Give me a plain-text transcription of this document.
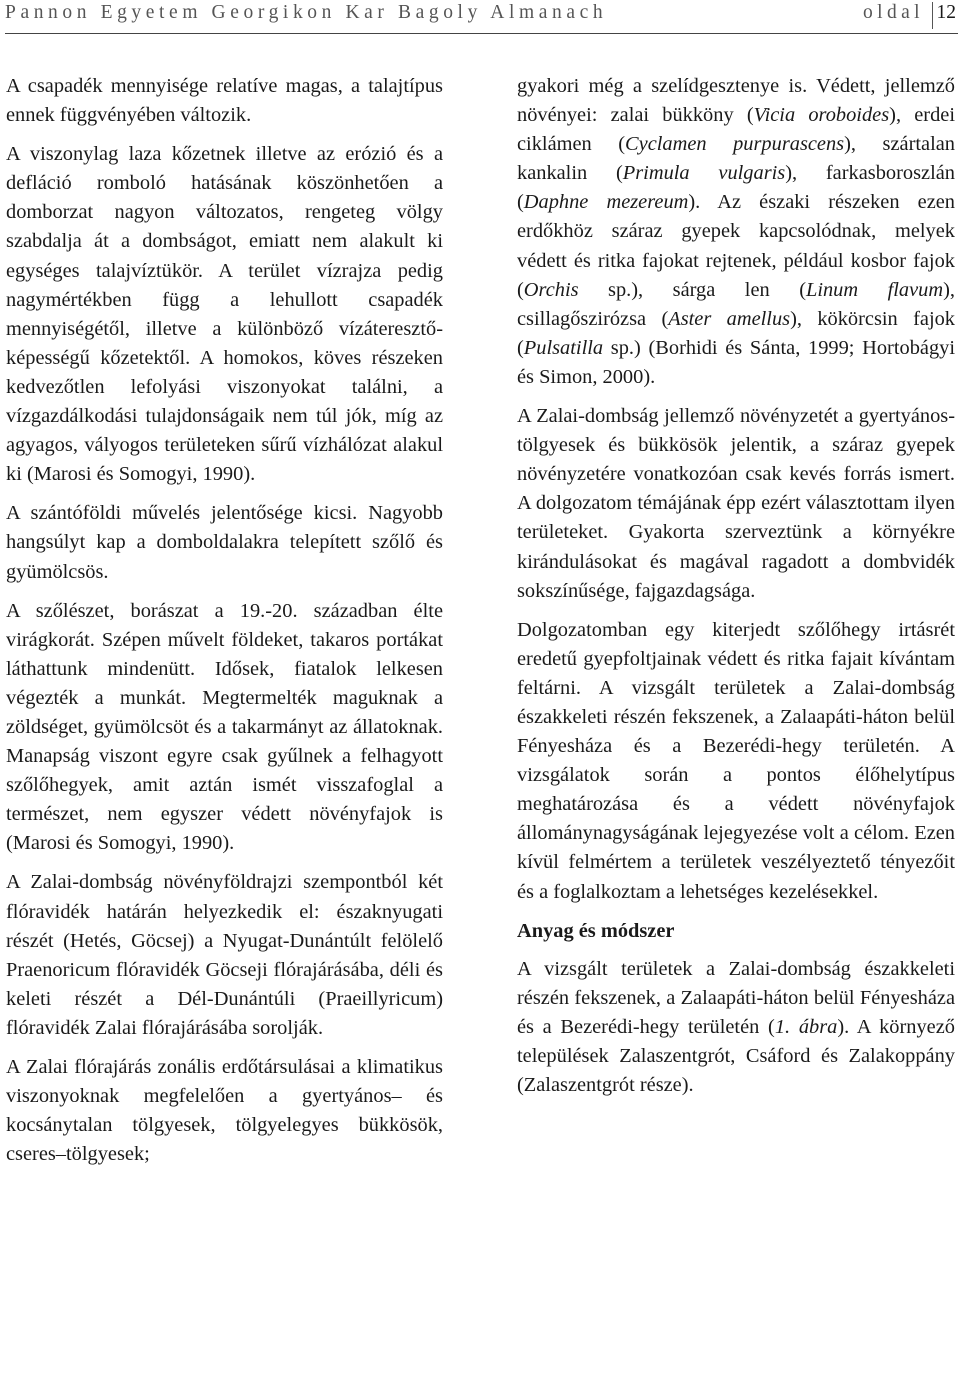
Pannon Egyetem Georgikon Kar Bagoly Almanach	oldal 12

A csapadék mennyisége relatíve magas, a talajtípus ennek függvényében változik.

A viszonylag laza kőzetnek illetve az erózió és a defláció romboló hatásának köszönhetően a domborzat nagyon változatos, rengeteg völgy szabdalja át a dombságot, emiatt nem alakult ki egységes talajvíztükör. A terület vízrajza pedig nagymértékben függ a lehullott csapadék mennyiségétől, illetve a különböző vízáteresztő-képességű kőzetektől. A homokos, köves részeken kedvezőtlen lefolyási viszonyokat találni, a vízgazdálkodási tulajdonságaik nem túl jók, míg az agyagos, vályogos területeken sűrű vízhálózat alakul ki (Marosi és Somogyi, 1990).

A szántóföldi művelés jelentősége kicsi. Nagyobb hangsúlyt kap a domboldalakra telepített szőlő és gyümölcsös.

A szőlészet, borászat a 19.-20. században élte virágkorát. Szépen művelt földeket, takaros portákat láthattunk mindenütt. Idősek, fiatalok lelkesen végezték a munkát. Megtermelték maguknak a zöldséget, gyümölcsöt és a takarmányt az állatoknak. Manapság viszont egyre csak gyűlnek a felhagyott szőlőhegyek, amit aztán ismét visszafoglal a természet, nem egyszer védett növényfajok is (Marosi és Somogyi, 1990).

A Zalai-dombság növényföldrajzi szempontból két flóravidék határán helyezkedik el: északnyugati részét (Hetés, Göcsej) a Nyugat-Dunántúlt felölelő Praenoricum flóravidék Göcseji flórajárásába, déli és keleti részét a Dél-Dunántúli (Praeillyricum) flóravidék Zalai flórajárásába sorolják.

A Zalai flórajárás zonális erdőtársulásai a klimatikus viszonyoknak megfelelően a gyertyános– és kocsánytalan tölgyesek, tölgyelegyes bükkösök, cseres–tölgyesek;

gyakori még a szelídgesztenye is. Védett, jellemző növényei: zalai bükköny (Vicia oroboides), erdei ciklámen (Cyclamen purpurascens), szártalan kankalin (Primula vulgaris), farkasboroszlán (Daphne mezereum). Az északi részeken ezen erdőkhöz száraz gyepek kapcsolódnak, melyek védett és ritka fajokat rejtenek, például kosbor fajok (Orchis sp.), sárga len (Linum flavum), csillagőszirózsa (Aster amellus), kökörcsin fajok (Pulsatilla sp.) (Borhidi és Sánta, 1999; Hortobágyi és Simon, 2000).

A Zalai-dombság jellemző növényzetét a gyertyános-tölgyesek és bükkösök jelentik, a száraz gyepek növényzetére vonatkozóan csak kevés forrás ismert. A dolgozatom témájának épp ezért választottam ilyen területeket. Gyakorta szerveztünk a környékre kirándulásokat és magával ragadott a dombvidék sokszínűsége, fajgazdagsága.

Dolgozatomban egy kiterjedt szőlőhegy irtásrét eredetű gyepfoltjainak védett és ritka fajait kívántam feltárni. A vizsgált területek a Zalai-dombság északkeleti részén fekszenek, a Zalaapáti-háton belül Fényesháza és a Bezerédi-hegy területén. A vizsgálatok során a pontos élőhelytípus meghatározása és a védett növényfajok állománynagyságának lejegyezése volt a célom. Ezen kívül felmértem a területek veszélyeztető tényezőit és a foglalkoztam a lehetséges kezelésekkel.

Anyag és módszer

A vizsgált területek a Zalai-dombság északkeleti részén fekszenek, a Zalaapáti-háton belül Fényesháza és a Bezerédi-hegy területén (1. ábra). A környező települések Zalaszentgrót, Csáford és Zalakoppány (Zalaszentgrót része).
